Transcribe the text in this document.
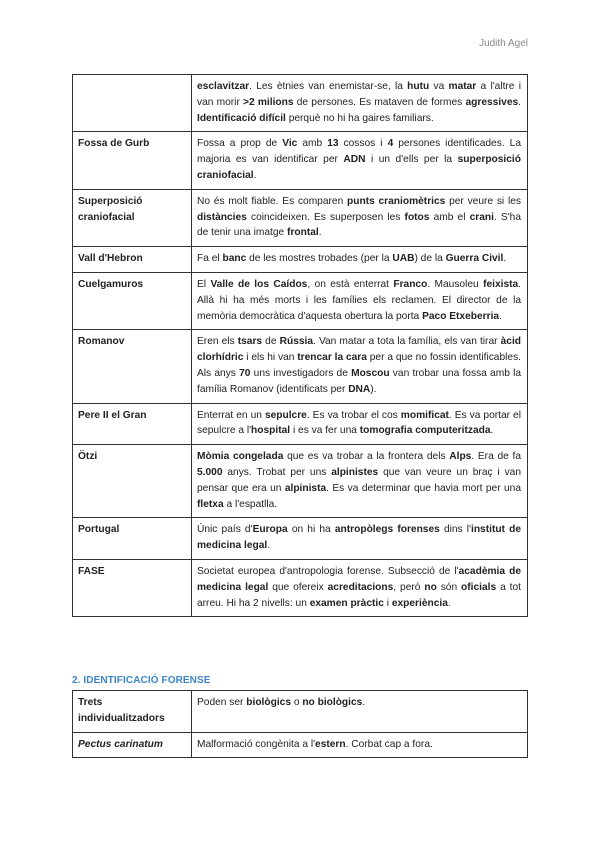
Judith Agel
	esclavitzar. Les ètnies van enemistar-se, la hutu va matar a l'altre i van morir >2 milions de persones. Es mataven de formes agressives. Identificació difícil perquè no hi ha gaires familiars.
Fossa de Gurb	Fossa a prop de Vic amb 13 cossos i 4 persones identificades. La majoria es van identificar per ADN i un d'ells per la superposició craniofacial.
Superposició craniofacial	No és molt fiable. Es comparen punts craniomètrics per veure si les distàncies coincideixen. Es superposen les fotos amb el crani. S'ha de tenir una imatge frontal.
Vall d'Hebron	Fa el banc de les mostres trobades (per la UAB) de la Guerra Civil.
Cuelgamuros	El Valle de los Caídos, on està enterrat Franco. Mausoleu feixista. Allà hi ha més morts i les famílies els reclamen. El director de la memòria democràtica d'aquesta obertura la porta Paco Etxeberria.
Romanov	Eren els tsars de Rússia. Van matar a tota la família, els van tirar àcid clorhídric i els hi van trencar la cara per a que no fossin identificables. Als anys 70 uns investigadors de Moscou van trobar una fossa amb la família Romanov (identificats per DNA).
Pere II el Gran	Enterrat en un sepulcre. Es va trobar el cos momificat. Es va portar el sepulcre a l'hospital i es va fer una tomografia computeritzada.
Ötzi	Mòmia congelada que es va trobar a la frontera dels Alps. Era de fa 5.000 anys. Trobat per uns alpinistes que van veure un braç i van pensar que era un alpinista. Es va determinar que havia mort per una fletxa a l'espatlla.
Portugal	Únic país d'Europa on hi ha antropòlegs forenses dins l'institut de medicina legal.
FASE	Societat europea d'antropologia forense. Subsecció de l'acadèmia de medicina legal que ofereix acreditacions, però no són oficials a tot arreu. Hi ha 2 nivells: un examen pràctic i experiència.
2. IDENTIFICACIÓ FORENSE
Trets individualitzadors	Poden ser biològics o no biològics.
Pectus carinatum	Malformació congènita a l'estern. Corbat cap a fora.
